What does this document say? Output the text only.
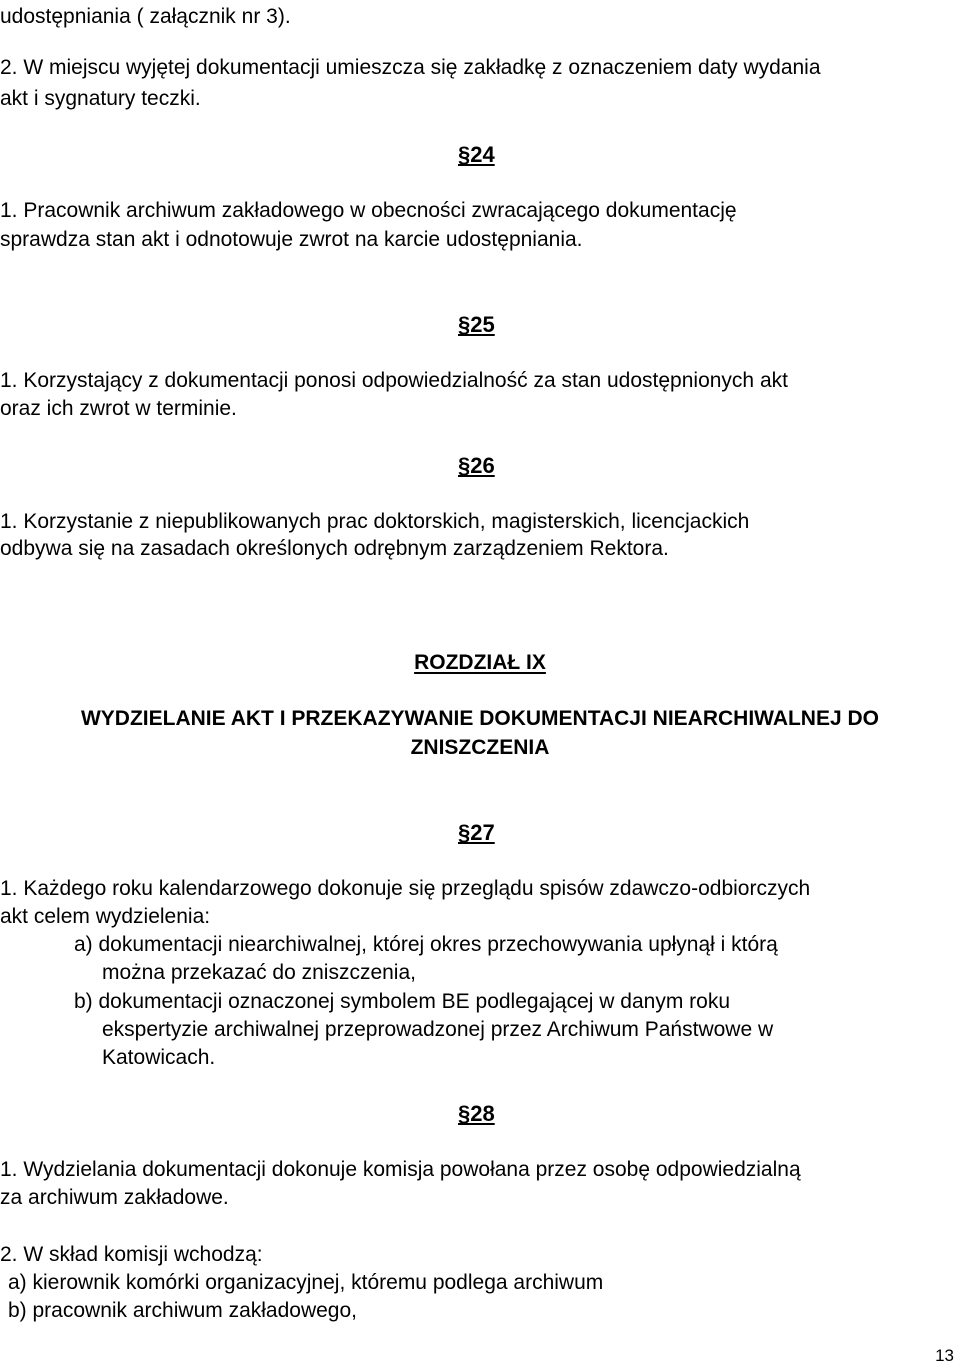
udostępniania ( załącznik nr 3).
2. W miejscu wyjętej dokumentacji umieszcza się zakładkę z oznaczeniem daty wydania
akt i sygnatury teczki.
§24
1. Pracownik archiwum zakładowego w obecności zwracającego dokumentację
sprawdza stan akt i odnotowuje zwrot na karcie udostępniania.
§25
1. Korzystający z dokumentacji ponosi odpowiedzialność za stan udostępnionych akt
oraz ich zwrot w terminie.
§26
1. Korzystanie z niepublikowanych prac doktorskich, magisterskich, licencjackich
odbywa się na zasadach określonych odrębnym zarządzeniem Rektora.
ROZDZIAŁ IX
WYDZIELANIE AKT I PRZEKAZYWANIE DOKUMENTACJI NIEARCHIWALNEJ DO
ZNISZCZENIA
§27
1. Każdego roku kalendarzowego dokonuje się przeglądu spisów zdawczo-odbiorczych
akt celem wydzielenia:
a) dokumentacji niearchiwalnej, której okres przechowywania upłynął i którą
można przekazać do zniszczenia,
b) dokumentacji oznaczonej symbolem BE podlegającej w danym roku
ekspertyzie archiwalnej przeprowadzonej przez Archiwum Państwowe w
Katowicach.
§28
1. Wydzielania dokumentacji dokonuje komisja powołana przez osobę odpowiedzialną
za archiwum zakładowe.
2. W skład komisji wchodzą:
a) kierownik komórki organizacyjnej, któremu podlega archiwum
b) pracownik archiwum zakładowego,
13
